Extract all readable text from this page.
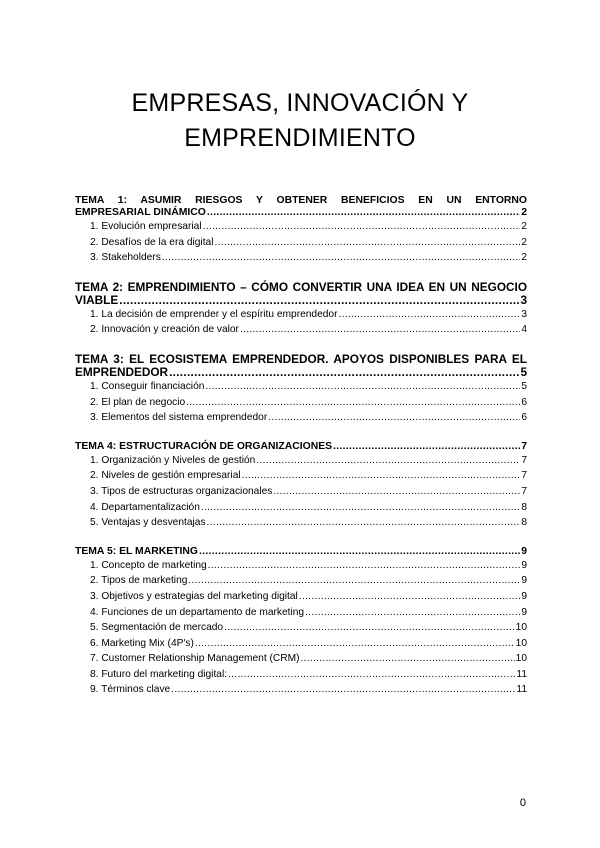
EMPRESAS, INNOVACIÓN Y
EMPRENDIMIENTO
TEMA 1: ASUMIR RIESGOS Y OBTENER BENEFICIOS EN UN ENTORNO
EMPRESARIAL DINÁMICO .....	2
1. Evolución empresarial .....	2
2. Desafíos de la era digital .....	2
3. Stakeholders .....	2
TEMA 2: EMPRENDIMIENTO – CÓMO CONVERTIR UNA IDEA EN UN NEGOCIO
VIABLE .....	3
1. La decisión de emprender y el espíritu emprendedor .....	3
2. Innovación y creación de valor .....	4
TEMA 3: EL ECOSISTEMA EMPRENDEDOR. APOYOS DISPONIBLES PARA EL
EMPRENDEDOR .....	5
1. Conseguir financiación .....	5
2. El plan de negocio .....	6
3. Elementos del sistema emprendedor .....	6
TEMA 4: ESTRUCTURACIÓN DE ORGANIZACIONES .....	7
1. Organización y Niveles de gestión .....	7
2. Niveles de gestión empresarial .....	7
3. Tipos de estructuras organizacionales .....	7
4. Departamentalización .....	8
5. Ventajas y desventajas .....	8
TEMA 5: EL MARKETING .....	9
1. Concepto de marketing .....	9
2. Tipos de marketing .....	9
3. Objetivos y estrategias del marketing digital .....	9
4. Funciones de un departamento de marketing .....	9
5. Segmentación de mercado .....	10
6. Marketing Mix (4P's) .....	10
7. Customer Relationship Management (CRM) .....	10
8. Futuro del marketing digital: .....	11
9. Términos clave .....	11
0
